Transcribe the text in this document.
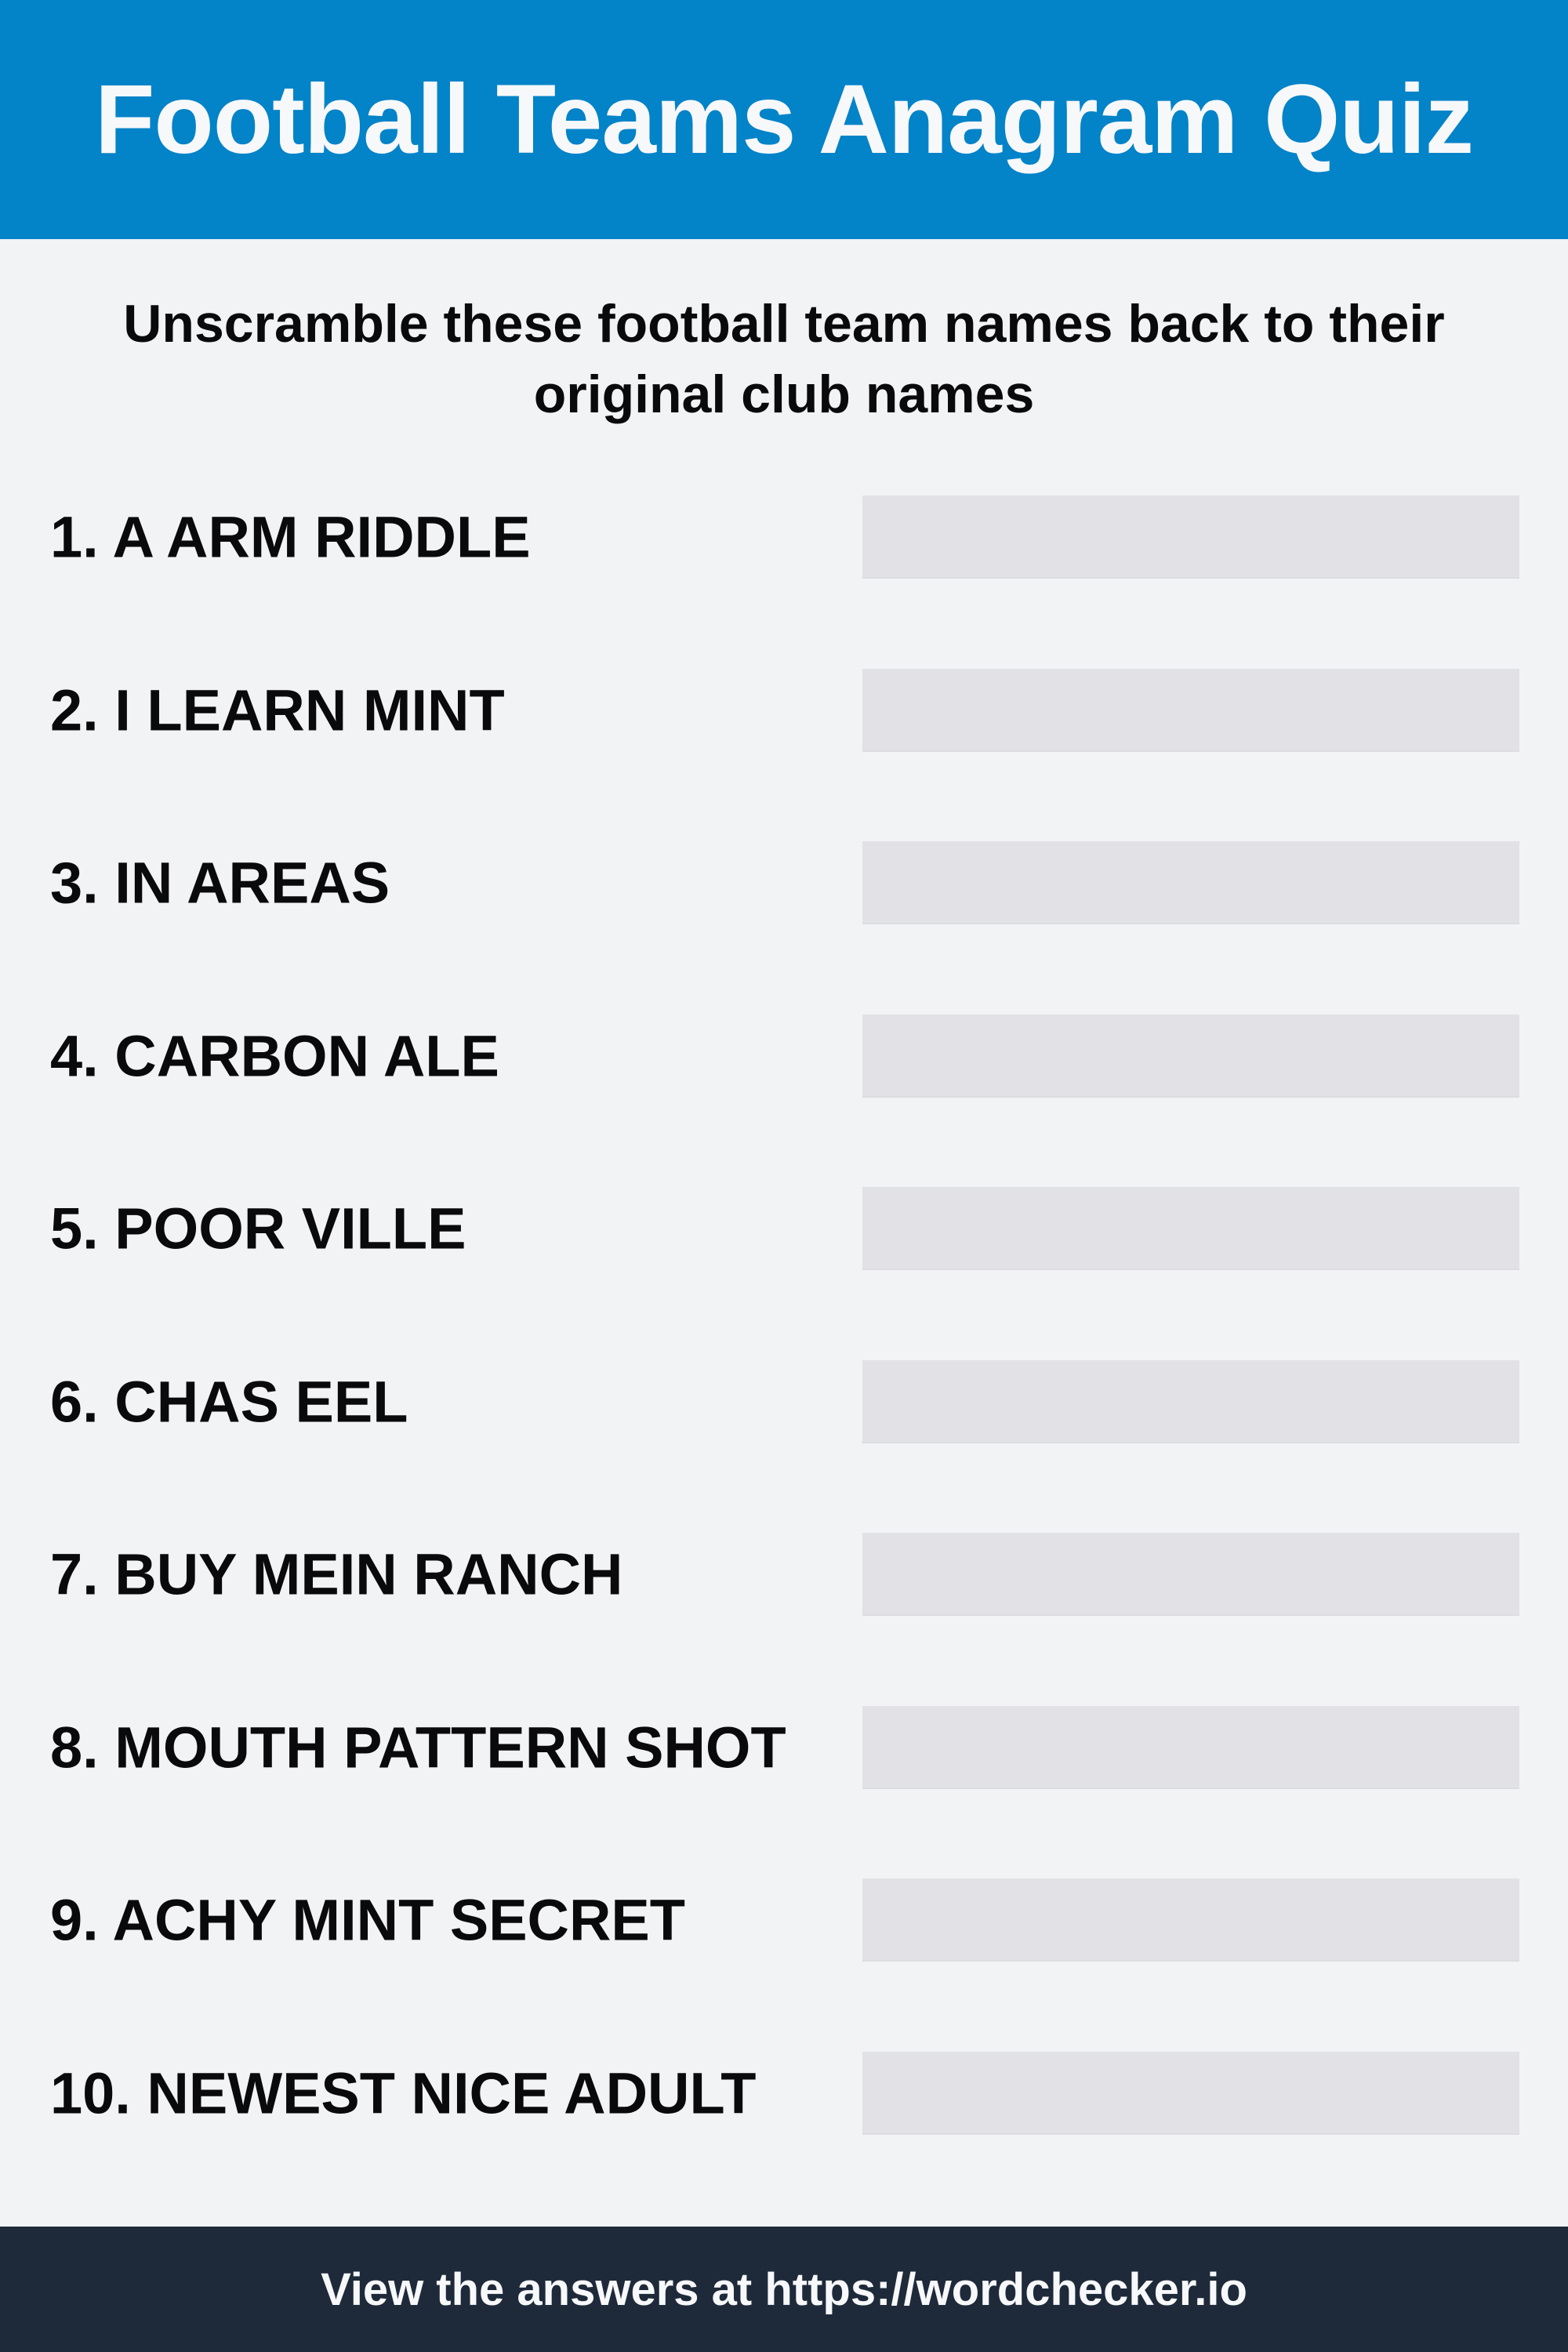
Football Teams Anagram Quiz
Unscramble these football team names back to their
original club names
1. A ARM RIDDLE
2. I LEARN MINT
3. IN AREAS
4. CARBON ALE
5. POOR VILLE
6. CHAS EEL
7. BUY MEIN RANCH
8. MOUTH PATTERN SHOT
9. ACHY MINT SECRET
10. NEWEST NICE ADULT
View the answers at https://wordchecker.io
